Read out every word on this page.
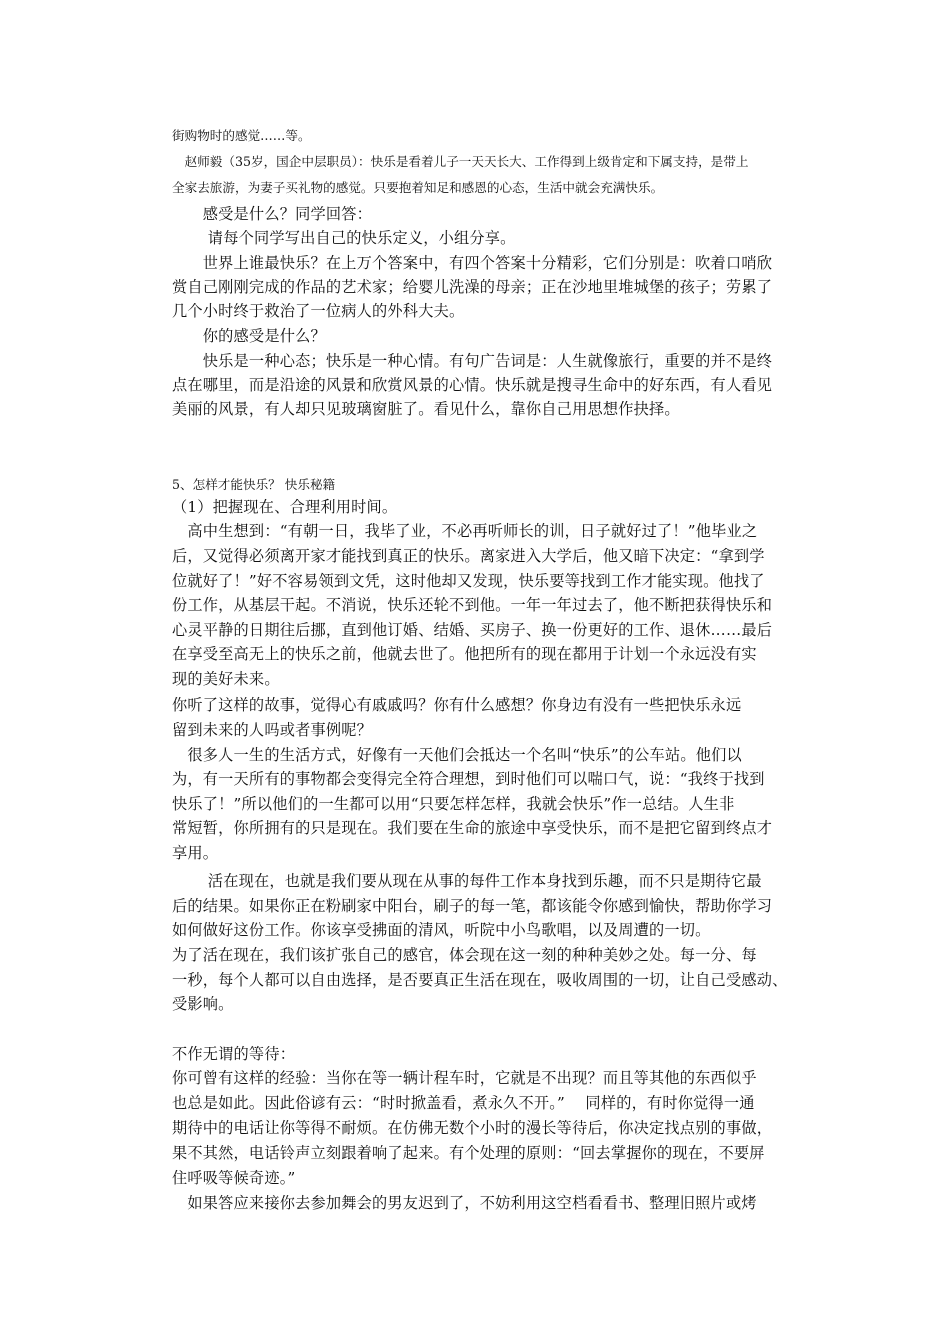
街购物时的感觉……等。
　赵师毅（35岁，国企中层职员）：快乐是看着儿子一天天长大、工作得到上级肯定和下属支持，是带上
全家去旅游，为妻子买礼物的感觉。只要抱着知足和感恩的心态，生活中就会充满快乐。
　　感受是什么？同学回答：
　　 请每个同学写出自己的快乐定义，小组分享。
　　世界上谁最快乐？在上万个答案中，有四个答案十分精彩，它们分别是：吹着口哨欣
赏自己刚刚完成的作品的艺术家；给婴儿洗澡的母亲；正在沙地里堆城堡的孩子；劳累了
几个小时终于救治了一位病人的外科大夫。
　　你的感受是什么？
　　快乐是一种心态；快乐是一种心情。有句广告词是：人生就像旅行，重要的并不是终
点在哪里，而是沿途的风景和欣赏风景的心情。快乐就是搜寻生命中的好东西，有人看见
美丽的风景，有人却只见玻璃窗脏了。看见什么，靠你自己用思想作抉择。
5、怎样才能快乐？ 快乐秘籍
（1）把握现在、合理利用时间。
　高中生想到：“有朝一日，我毕了业，不必再听师长的训，日子就好过了！”他毕业之
后，又觉得必须离开家才能找到真正的快乐。离家进入大学后，他又暗下决定：“拿到学
位就好了！”好不容易领到文凭，这时他却又发现，快乐要等找到工作才能实现。他找了
份工作，从基层干起。不消说，快乐还轮不到他。一年一年过去了，他不断把获得快乐和
心灵平静的日期往后挪，直到他订婚、结婚、买房子、换一份更好的工作、退休……最后
在享受至高无上的快乐之前，他就去世了。他把所有的现在都用于计划一个永远没有实
现的美好未来。
你听了这样的故事，觉得心有戚戚吗？你有什么感想？你身边有没有一些把快乐永远
留到未来的人吗或者事例呢？
　很多人一生的生活方式，好像有一天他们会抵达一个名叫“快乐”的公车站。他们以
为，有一天所有的事物都会变得完全符合理想，到时他们可以喘口气，说：“我终于找到
快乐了！”所以他们的一生都可以用“只要怎样怎样，我就会快乐”作一总结。人生非
常短暂，你所拥有的只是现在。我们要在生命的旅途中享受快乐，而不是把它留到终点才
享用。
　　 活在现在，也就是我们要从现在从事的每件工作本身找到乐趣，而不只是期待它最
后的结果。如果你正在粉刷家中阳台，刷子的每一笔，都该能令你感到愉快，帮助你学习
如何做好这份工作。你该享受拂面的清风，听院中小鸟歌唱，以及周遭的一切。
为了活在现在，我们该扩张自己的感官，体会现在这一刻的种种美妙之处。每一分、每
一秒，每个人都可以自由选择，是否要真正生活在现在，吸收周围的一切，让自己受感动、
受影响。
不作无谓的等待：
你可曾有这样的经验：当你在等一辆计程车时，它就是不出现？而且等其他的东西似乎
也总是如此。因此俗谚有云：“时时掀盖看，煮永久不开。”　 同样的，有时你觉得一通
期待中的电话让你等得不耐烦。在仿佛无数个小时的漫长等待后，你决定找点别的事做，
果不其然，电话铃声立刻跟着响了起来。有个处理的原则：“回去掌握你的现在，不要屏
住呼吸等候奇迹。”
　如果答应来接你去参加舞会的男友迟到了，不妨利用这空档看看书、整理旧照片或烤
